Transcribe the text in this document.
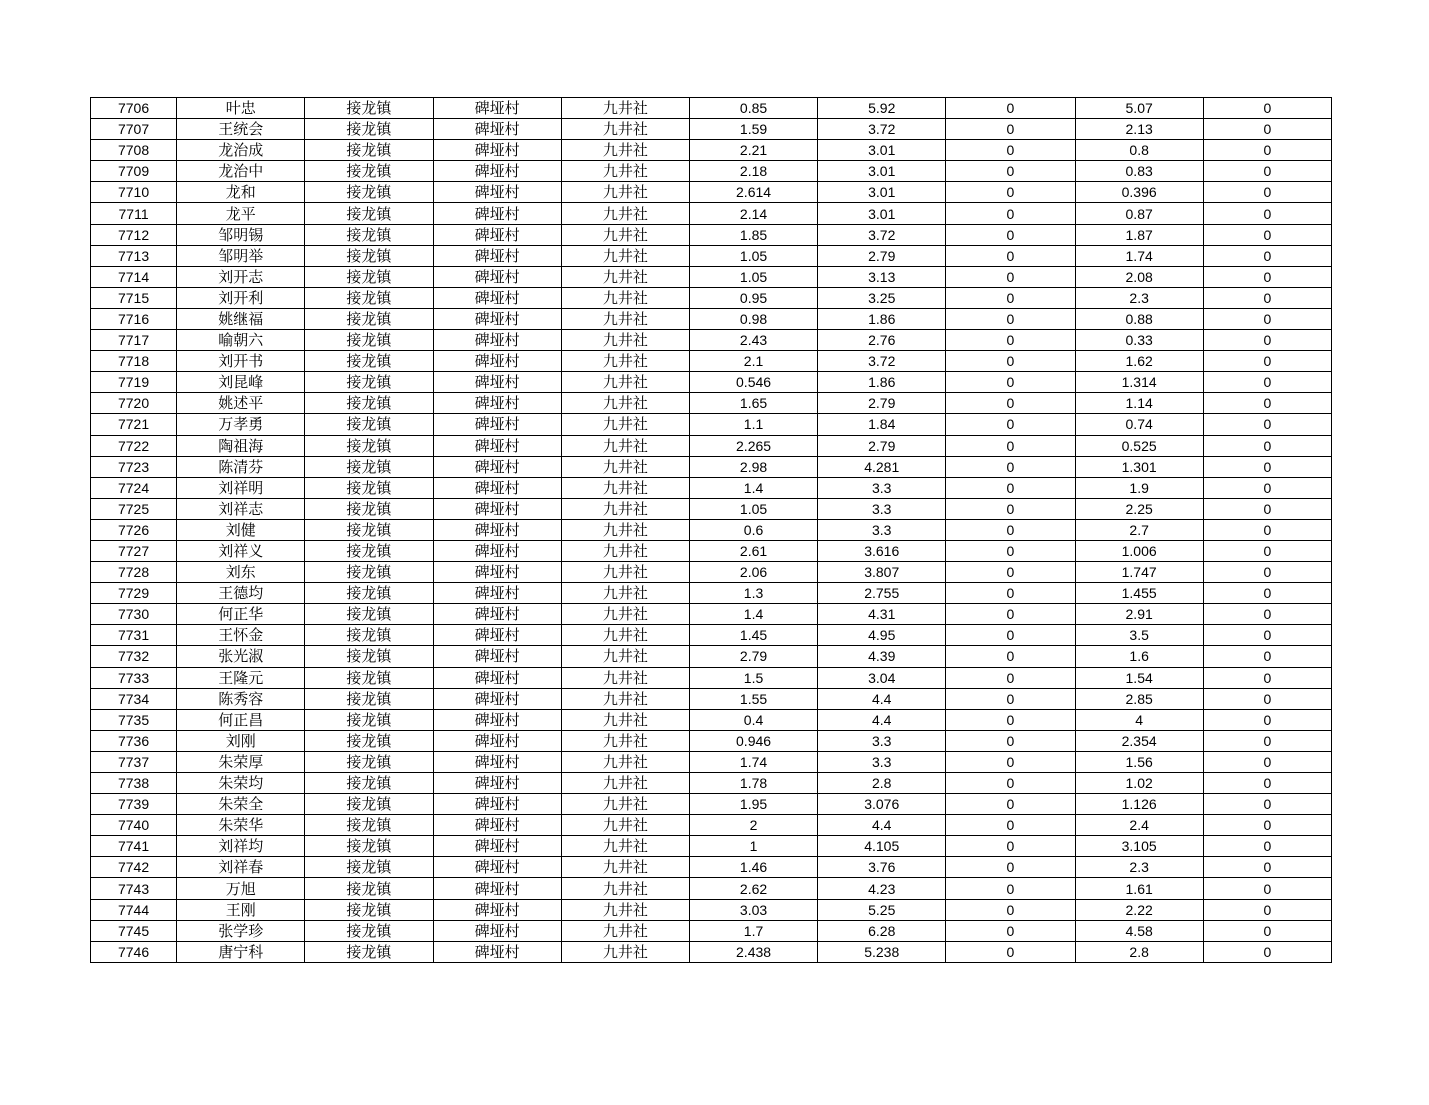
7706	叶忠	接龙镇	碑垭村	九井社	0.85	5.92	0	5.07	0
7707	王统会	接龙镇	碑垭村	九井社	1.59	3.72	0	2.13	0
7708	龙治成	接龙镇	碑垭村	九井社	2.21	3.01	0	0.8	0
7709	龙治中	接龙镇	碑垭村	九井社	2.18	3.01	0	0.83	0
7710	龙和	接龙镇	碑垭村	九井社	2.614	3.01	0	0.396	0
7711	龙平	接龙镇	碑垭村	九井社	2.14	3.01	0	0.87	0
7712	邹明锡	接龙镇	碑垭村	九井社	1.85	3.72	0	1.87	0
7713	邹明举	接龙镇	碑垭村	九井社	1.05	2.79	0	1.74	0
7714	刘开志	接龙镇	碑垭村	九井社	1.05	3.13	0	2.08	0
7715	刘开利	接龙镇	碑垭村	九井社	0.95	3.25	0	2.3	0
7716	姚继福	接龙镇	碑垭村	九井社	0.98	1.86	0	0.88	0
7717	喻朝六	接龙镇	碑垭村	九井社	2.43	2.76	0	0.33	0
7718	刘开书	接龙镇	碑垭村	九井社	2.1	3.72	0	1.62	0
7719	刘昆峰	接龙镇	碑垭村	九井社	0.546	1.86	0	1.314	0
7720	姚述平	接龙镇	碑垭村	九井社	1.65	2.79	0	1.14	0
7721	万孝勇	接龙镇	碑垭村	九井社	1.1	1.84	0	0.74	0
7722	陶祖海	接龙镇	碑垭村	九井社	2.265	2.79	0	0.525	0
7723	陈清芬	接龙镇	碑垭村	九井社	2.98	4.281	0	1.301	0
7724	刘祥明	接龙镇	碑垭村	九井社	1.4	3.3	0	1.9	0
7725	刘祥志	接龙镇	碑垭村	九井社	1.05	3.3	0	2.25	0
7726	刘健	接龙镇	碑垭村	九井社	0.6	3.3	0	2.7	0
7727	刘祥义	接龙镇	碑垭村	九井社	2.61	3.616	0	1.006	0
7728	刘东	接龙镇	碑垭村	九井社	2.06	3.807	0	1.747	0
7729	王德均	接龙镇	碑垭村	九井社	1.3	2.755	0	1.455	0
7730	何正华	接龙镇	碑垭村	九井社	1.4	4.31	0	2.91	0
7731	王怀金	接龙镇	碑垭村	九井社	1.45	4.95	0	3.5	0
7732	张光淑	接龙镇	碑垭村	九井社	2.79	4.39	0	1.6	0
7733	王隆元	接龙镇	碑垭村	九井社	1.5	3.04	0	1.54	0
7734	陈秀容	接龙镇	碑垭村	九井社	1.55	4.4	0	2.85	0
7735	何正昌	接龙镇	碑垭村	九井社	0.4	4.4	0	4	0
7736	刘刚	接龙镇	碑垭村	九井社	0.946	3.3	0	2.354	0
7737	朱荣厚	接龙镇	碑垭村	九井社	1.74	3.3	0	1.56	0
7738	朱荣均	接龙镇	碑垭村	九井社	1.78	2.8	0	1.02	0
7739	朱荣全	接龙镇	碑垭村	九井社	1.95	3.076	0	1.126	0
7740	朱荣华	接龙镇	碑垭村	九井社	2	4.4	0	2.4	0
7741	刘祥均	接龙镇	碑垭村	九井社	1	4.105	0	3.105	0
7742	刘祥春	接龙镇	碑垭村	九井社	1.46	3.76	0	2.3	0
7743	万旭	接龙镇	碑垭村	九井社	2.62	4.23	0	1.61	0
7744	王刚	接龙镇	碑垭村	九井社	3.03	5.25	0	2.22	0
7745	张学珍	接龙镇	碑垭村	九井社	1.7	6.28	0	4.58	0
7746	唐宁科	接龙镇	碑垭村	九井社	2.438	5.238	0	2.8	0
